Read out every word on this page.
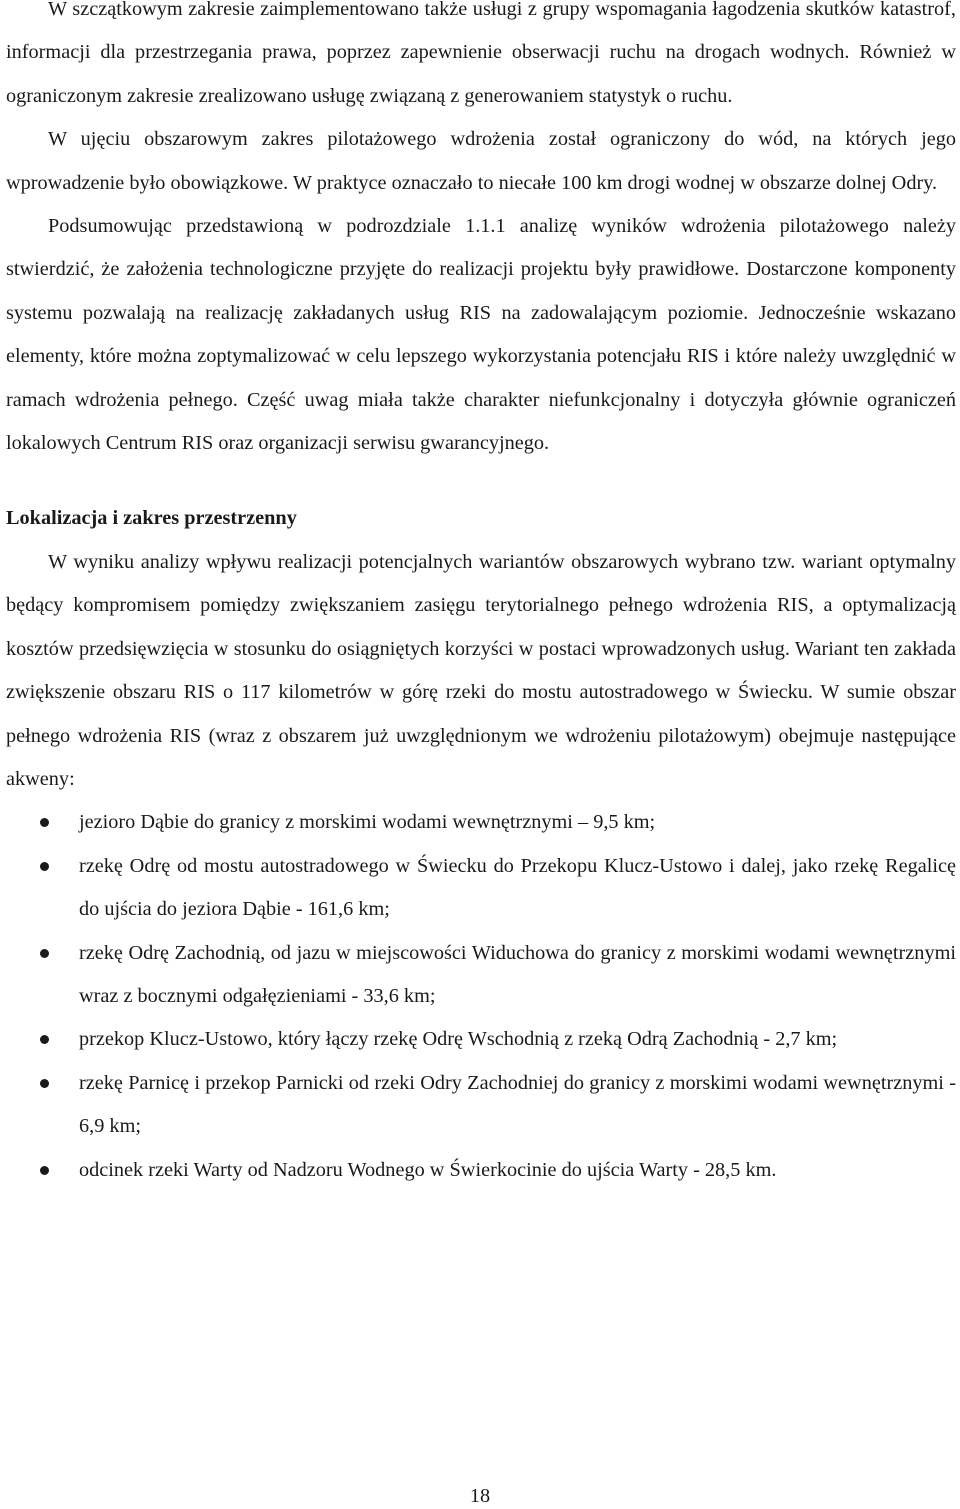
W szczątkowym zakresie zaimplementowano także usługi z grupy wspomagania łagodzenia skutków katastrof, informacji dla przestrzegania prawa, poprzez zapewnienie obserwacji ruchu na drogach wodnych. Również w ograniczonym zakresie zrealizowano usługę związaną z generowaniem statystyk o ruchu.

W ujęciu obszarowym zakres pilotażowego wdrożenia został ograniczony do wód, na których jego wprowadzenie było obowiązkowe. W praktyce oznaczało to niecałe 100 km drogi wodnej w obszarze dolnej Odry.

Podsumowując przedstawioną w podrozdziale 1.1.1 analizę wyników wdrożenia pilotażowego należy stwierdzić, że założenia technologiczne przyjęte do realizacji projektu były prawidłowe. Dostarczone komponenty systemu pozwalają na realizację zakładanych usług RIS na zadowalającym poziomie. Jednocześnie wskazano elementy, które można zoptymalizować w celu lepszego wykorzystania potencjału RIS i które należy uwzględnić w ramach wdrożenia pełnego. Część uwag miała także charakter niefunkcjonalny i dotyczyła głównie ograniczeń lokalowych Centrum RIS oraz organizacji serwisu gwarancyjnego.

Lokalizacja i zakres przestrzenny

W wyniku analizy wpływu realizacji potencjalnych wariantów obszarowych wybrano tzw. wariant optymalny będący kompromisem pomiędzy zwiększaniem zasięgu terytorialnego pełnego wdrożenia RIS, a optymalizacją kosztów przedsięwzięcia w stosunku do osiągniętych korzyści w postaci wprowadzonych usług. Wariant ten zakłada zwiększenie obszaru RIS o 117 kilometrów w górę rzeki do mostu autostradowego w Świecku. W sumie obszar pełnego wdrożenia RIS (wraz z obszarem już uwzględnionym we wdrożeniu pilotażowym) obejmuje następujące akweny:

jezioro Dąbie do granicy z morskimi wodami wewnętrznymi – 9,5 km;
rzekę Odrę od mostu autostradowego w Świecku do Przekopu Klucz-Ustowo i dalej, jako rzekę Regalicę do ujścia do jeziora Dąbie - 161,6 km;
rzekę Odrę Zachodnią, od jazu w miejscowości Widuchowa do granicy z morskimi wodami wewnętrznymi wraz z bocznymi odgałęzieniami - 33,6 km;
przekop Klucz-Ustowo, który łączy rzekę Odrę Wschodnią z rzeką Odrą Zachodnią - 2,7 km;
rzekę Parnicę i przekop Parnicki od rzeki Odry Zachodniej do granicy z morskimi wodami wewnętrznymi - 6,9 km;
odcinek rzeki Warty od Nadzoru Wodnego w Świerkocinie do ujścia Warty - 28,5 km.
18
